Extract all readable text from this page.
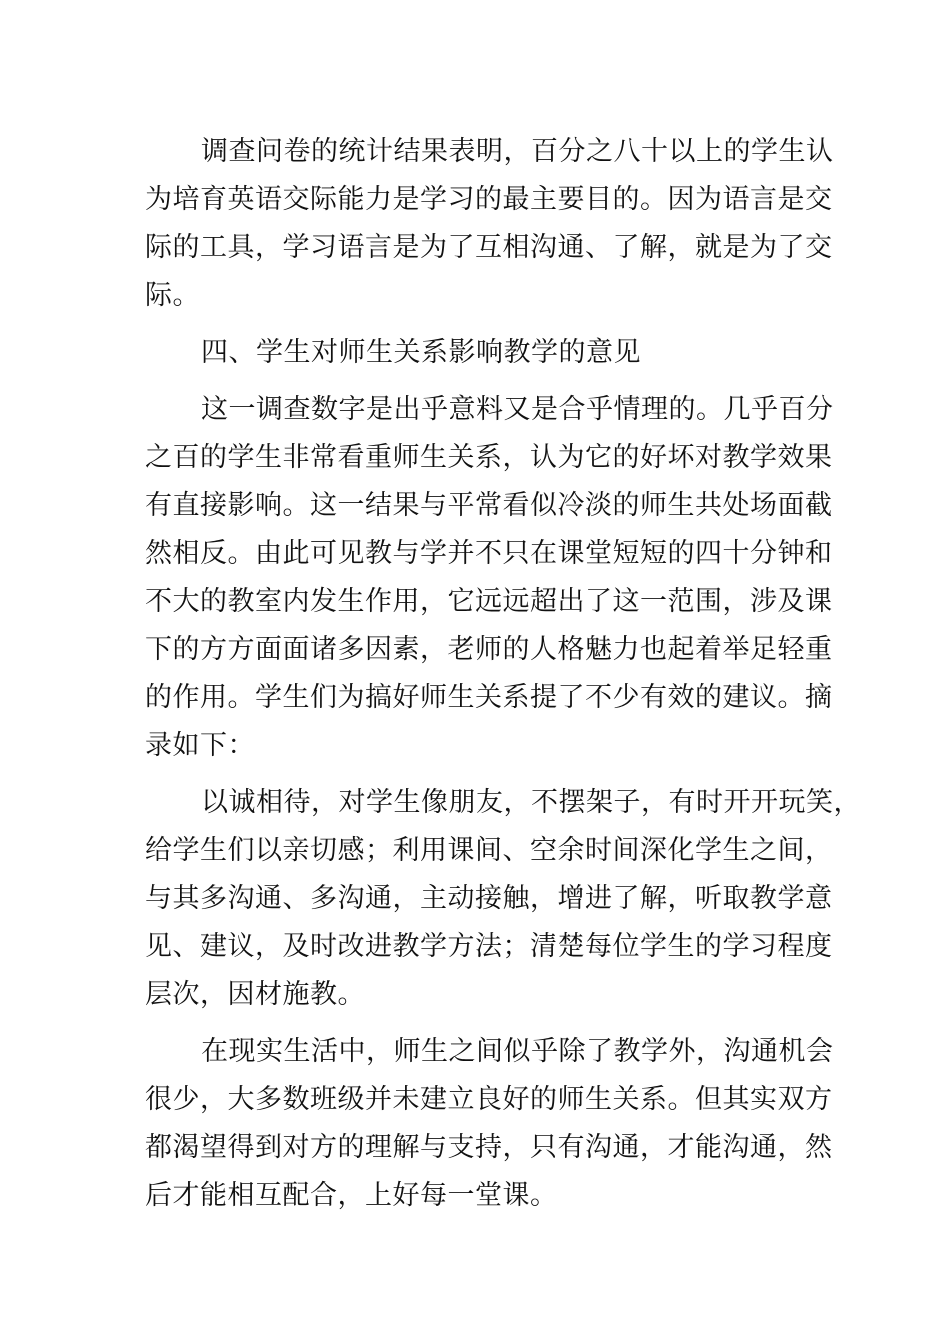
调查问卷的统计结果表明，百分之八十以上的学生认
为培育英语交际能力是学习的最主要目的。因为语言是交
际的工具，学习语言是为了互相沟通、了解，就是为了交
际。
四、学生对师生关系影响教学的意见
这一调查数字是出乎意料又是合乎情理的。几乎百分
之百的学生非常看重师生关系，认为它的好坏对教学效果
有直接影响。这一结果与平常看似冷淡的师生共处场面截
然相反。由此可见教与学并不只在课堂短短的四十分钟和
不大的教室内发生作用，它远远超出了这一范围，涉及课
下的方方面面诸多因素，老师的人格魅力也起着举足轻重
的作用。学生们为搞好师生关系提了不少有效的建议。摘
录如下：
以诚相待，对学生像朋友，不摆架子，有时开开玩笑，
给学生们以亲切感；利用课间、空余时间深化学生之间，
与其多沟通、多沟通，主动接触，增进了解，听取教学意
见、建议，及时改进教学方法；清楚每位学生的学习程度
层次，因材施教。
在现实生活中，师生之间似乎除了教学外，沟通机会
很少，大多数班级并未建立良好的师生关系。但其实双方
都渴望得到对方的理解与支持，只有沟通，才能沟通，然
后才能相互配合，上好每一堂课。
